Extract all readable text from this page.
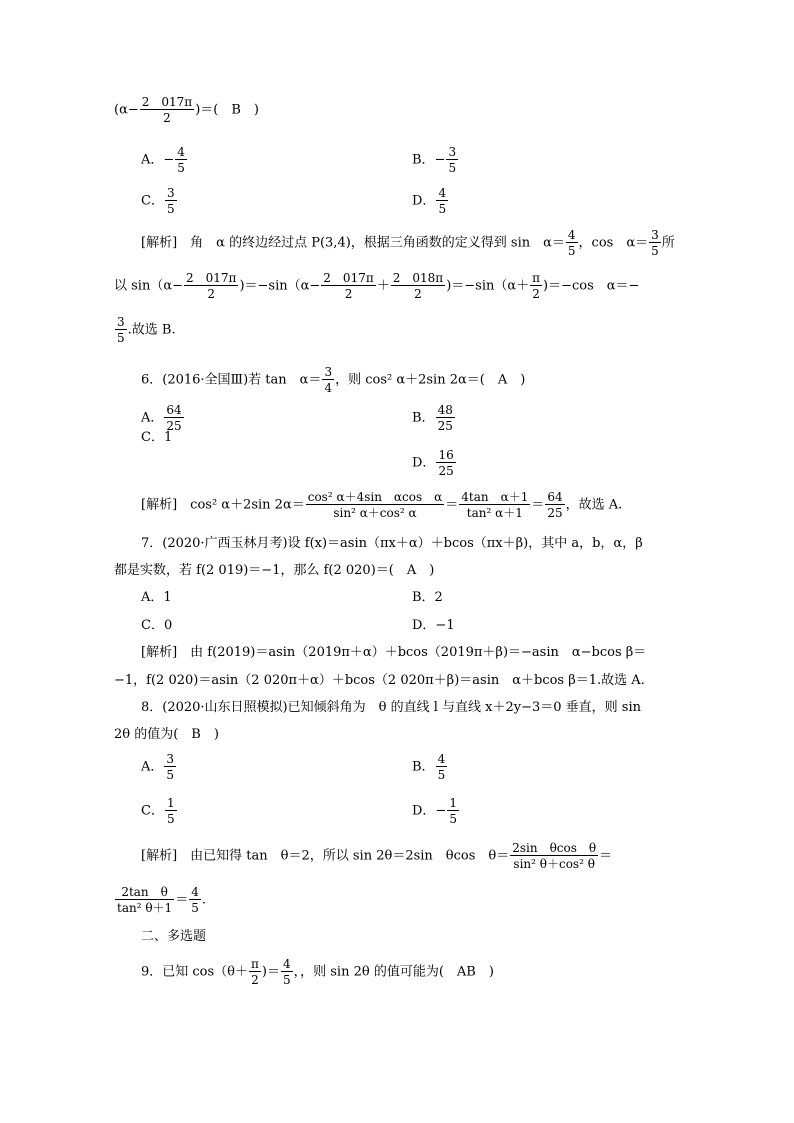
($\alpha- \frac{2 017\pi}{2}$ )＝(　B　)
A．− $\frac{4}{5}$	B．− $\frac{3}{5}$
C． $\frac{3}{5}$	D． $\frac{4}{5}$
[解析]　 角　α 的终边经过点 P(3,4)，根据三角函数的定义得到 sin　$\alpha= \frac{4}{5}$ ，cos　$\alpha= \frac{3}{5}$ 所
以 $\sin(\alpha- \frac{2 017\pi}{2} )=-\sin(\alpha- \frac{2 017\pi}{2} + \frac{2 018\pi}{2} )=-\sin(\alpha+ \frac{\pi}{2} )=-\cos$　α＝−
$\frac{3}{5}$ .故选 B.
6．(2016·全国Ⅲ)若 tan　$\alpha= \frac{3}{4}$ ，则 cos² α＋2sin 2α＝(　A　)
A． $\frac{64}{25}$	B． $\frac{48}{25}$
C．1
D． $\frac{16}{25}$
[解析]　 cos² α＋2sin $2\alpha= \frac{\text{cos² α＋4sin　αcos　α}}{\text{sin² α＋cos² α}} = \frac{\text{4tan　α＋1}}{\text{tan² α＋1}} = \frac{64}{25}$ ，故选 A.
7．(2020·广西玉林月考)设 f(x)＝asin（πx＋α）＋bcos（πx＋β)，其中 a，b，α，β
都是实数，若 f(2 019)＝−1，那么 f(2 020)＝(　A　)
A．1	B．2
C．0	D．−1
[解析]　 由 f(2019)＝asin（2019π＋α）＋bcos（2019π＋β)＝−asin　α−bcos β＝
−1，f(2 020)＝asin（2 020π＋α）＋bcos（2 020π＋β)＝asin　α＋bcos β＝1.故选 A.
8．(2020·山东日照模拟)已知倾斜角为　θ 的直线 l 与直线 x＋2y−3＝0 垂直，则 sin
2θ 的值为(　B　)
A． $\frac{3}{5}$	B． $\frac{4}{5}$
C． $\frac{1}{5}$	D．− $\frac{1}{5}$
[解析]　 由已知得 tan　θ＝2，所以 sin 2θ＝2sin　θcos　$\theta= \frac{\text{2sin　θcos　θ}}{\text{sin² θ＋cos² θ}}$ ＝
$\frac{\text{2tan　θ}}{\text{tan² θ＋1}} = \frac{4}{5}$ .
二、多选题
9．已知 $\cos(\theta+ \frac{\pi}{2}$ )＝ $\frac{4}{5}$ ，，则 sin 2θ 的值可能为(　AB　)
